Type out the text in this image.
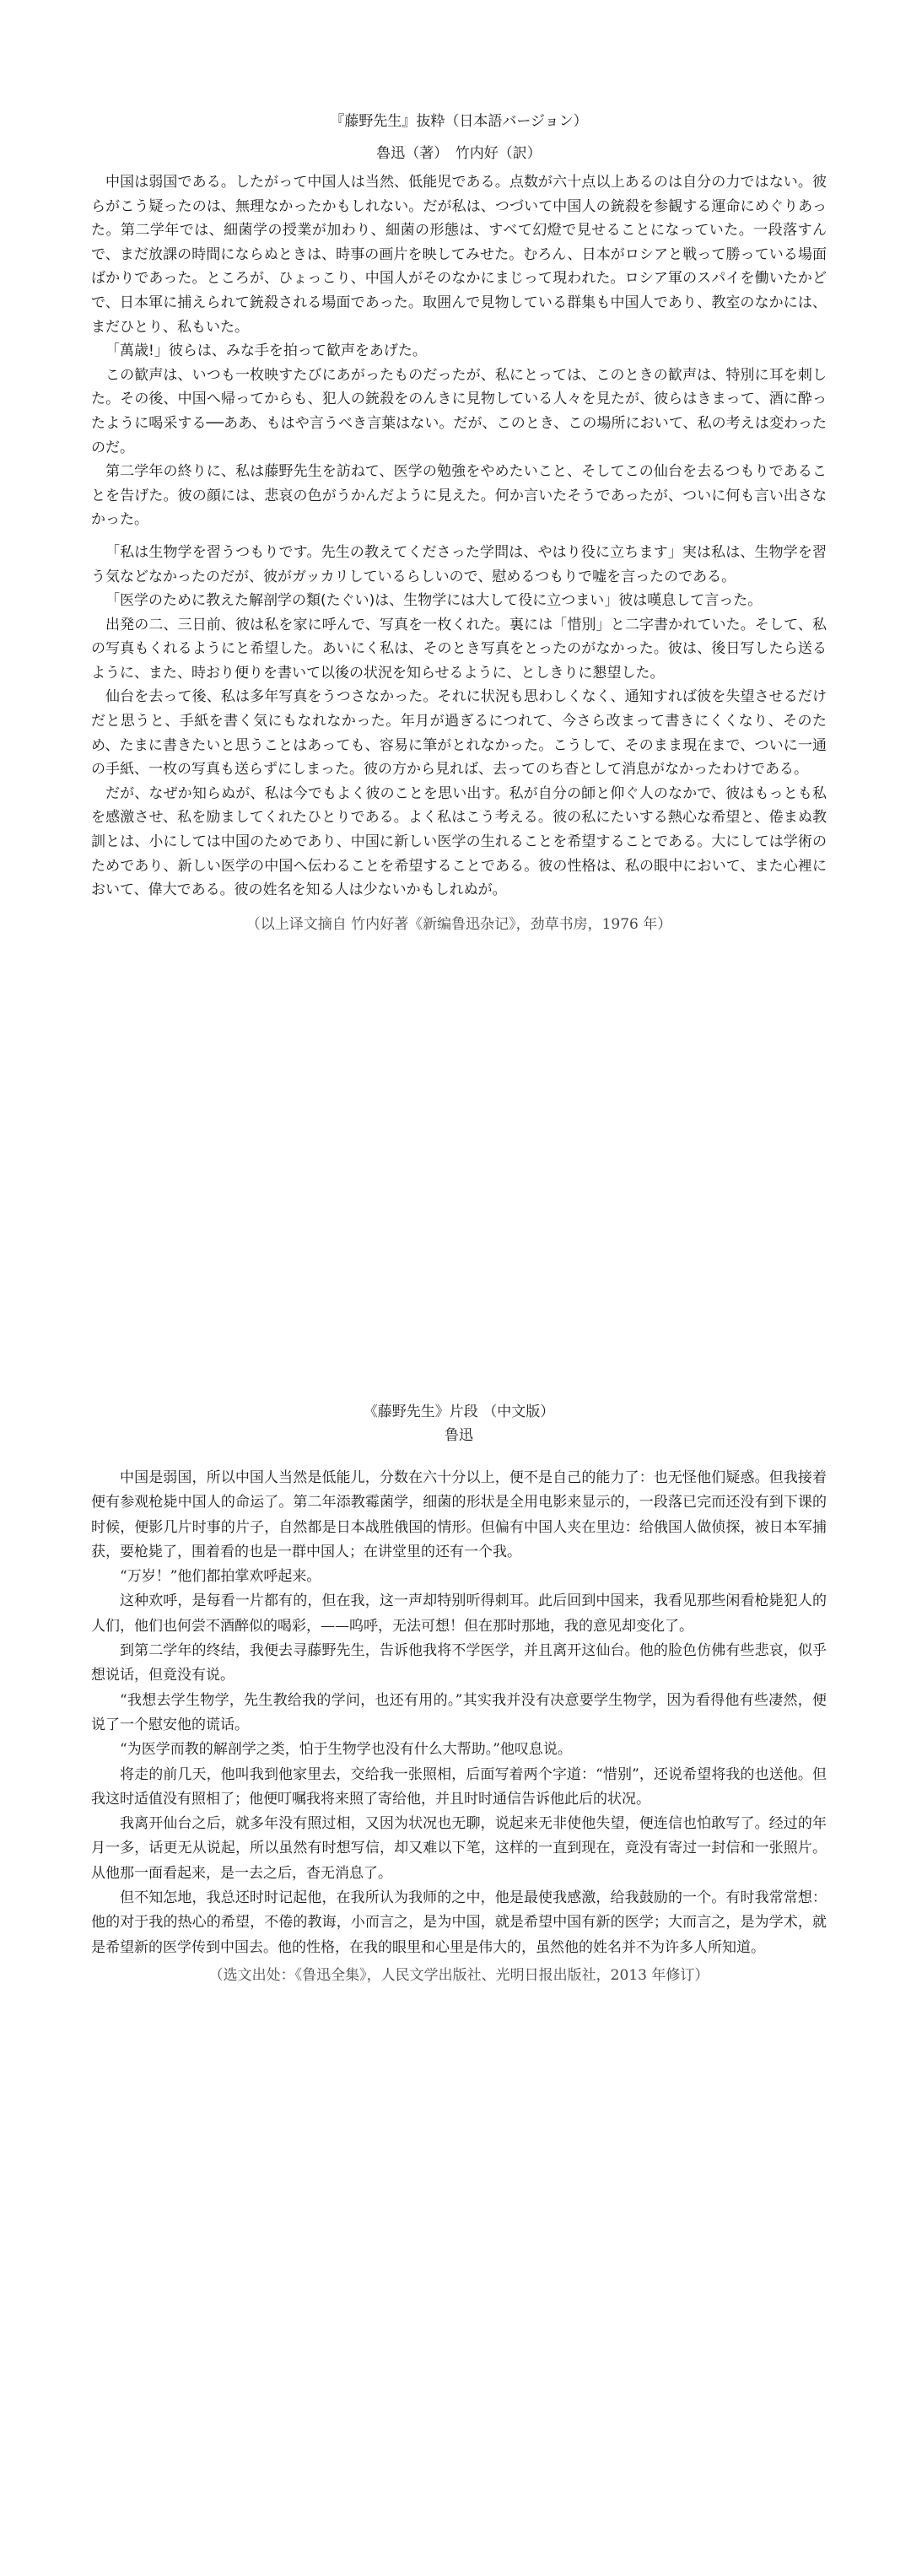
『藤野先生』抜粋（日本語バージョン）

魯迅（著）　竹内好（訳）

中国は弱国である。したがって中国人は当然、低能児である。点数が六十点以上あるのは自分の力ではない。彼らがこう疑ったのは、無理なかったかもしれない。だが私は、つづいて中国人の銃殺を参観する運命にめぐりあった。第二学年では、細菌学の授業が加わり、細菌の形態は、すべて幻燈で見せることになっていた。一段落すんで、まだ放課の時間にならぬときは、時事の画片を映してみせた。むろん、日本がロシアと戦って勝っている場面ばかりであった。ところが、ひょっこり、中国人がそのなかにまじって現われた。ロシア軍のスパイを働いたかどで、日本軍に捕えられて銃殺される場面であった。取囲んで見物している群集も中国人であり、教室のなかには、まだひとり、私もいた。

「萬歳!」彼らは、みな手を拍って歓声をあげた。

この歓声は、いつも一枚映すたびにあがったものだったが、私にとっては、このときの歓声は、特別に耳を刺した。その後、中国へ帰ってからも、犯人の銃殺をのんきに見物している人々を見たが、彼らはきまって、酒に酔ったように喝采する──ああ、もはや言うべき言葉はない。だが、このとき、この場所において、私の考えは変わったのだ。

第二学年の終りに、私は藤野先生を訪ねて、医学の勉強をやめたいこと、そしてこの仙台を去るつもりであることを告げた。彼の顔には、悲哀の色がうかんだように見えた。何か言いたそうであったが、ついに何も言い出さなかった。

「私は生物学を習うつもりです。先生の教えてくださった学問は、やはり役に立ちます」実は私は、生物学を習う気などなかったのだが、彼がガッカリしているらしいので、慰めるつもりで嘘を言ったのである。

「医学のために教えた解剖学の類(たぐい)は、生物学には大して役に立つまい」彼は嘆息して言った。

出発の二、三日前、彼は私を家に呼んで、写真を一枚くれた。裏には「惜別」と二字書かれていた。そして、私の写真もくれるようにと希望した。あいにく私は、そのとき写真をとったのがなかった。彼は、後日写したら送るように、また、時おり便りを書いて以後の状況を知らせるように、としきりに懇望した。

仙台を去って後、私は多年写真をうつさなかった。それに状況も思わしくなく、通知すれば彼を失望させるだけだと思うと、手紙を書く気にもなれなかった。年月が過ぎるにつれて、今さら改まって書きにくくなり、そのため、たまに書きたいと思うことはあっても、容易に筆がとれなかった。こうして、そのまま現在まで、ついに一通の手紙、一枚の写真も送らずにしまった。彼の方から見れば、去ってのち杳として消息がなかったわけである。

だが、なぜか知らぬが、私は今でもよく彼のことを思い出す。私が自分の師と仰ぐ人のなかで、彼はもっとも私を感激させ、私を励ましてくれたひとりである。よく私はこう考える。彼の私にたいする熱心な希望と、倦まぬ教訓とは、小にしては中国のためであり、中国に新しい医学の生れることを希望することである。大にしては学術のためであり、新しい医学の中国へ伝わることを希望することである。彼の性格は、私の眼中において、また心裡において、偉大である。彼の姓名を知る人は少ないかもしれぬが。

（以上译文摘自 竹内好著《新编鲁迅杂记》，劲草书房，1976 年）

《藤野先生》片段 （中文版）

鲁迅

中国是弱国，所以中国人当然是低能儿，分数在六十分以上，便不是自己的能力了：也无怪他们疑惑。但我接着便有参观枪毙中国人的命运了。第二年添教霉菌学，细菌的形状是全用电影来显示的，一段落已完而还没有到下课的时候，便影几片时事的片子，自然都是日本战胜俄国的情形。但偏有中国人夹在里边：给俄国人做侦探，被日本军捕获，要枪毙了，围着看的也是一群中国人；在讲堂里的还有一个我。

“万岁！”他们都拍掌欢呼起来。

这种欢呼，是每看一片都有的，但在我，这一声却特别听得刺耳。此后回到中国来，我看见那些闲看枪毙犯人的人们，他们也何尝不酒醉似的喝彩，——呜呼，无法可想！但在那时那地，我的意见却变化了。

到第二学年的终结，我便去寻藤野先生，告诉他我将不学医学，并且离开这仙台。他的脸色仿佛有些悲哀，似乎想说话，但竟没有说。

“我想去学生物学，先生教给我的学问，也还有用的。”其实我并没有决意要学生物学，因为看得他有些凄然，便说了一个慰安他的谎话。

“为医学而教的解剖学之类，怕于生物学也没有什么大帮助。”他叹息说。

将走的前几天，他叫我到他家里去，交给我一张照相，后面写着两个字道：“惜别”，还说希望将我的也送他。但我这时适值没有照相了；他便叮嘱我将来照了寄给他，并且时时通信告诉他此后的状况。

我离开仙台之后，就多年没有照过相，又因为状况也无聊，说起来无非使他失望，便连信也怕敢写了。经过的年月一多，话更无从说起，所以虽然有时想写信，却又难以下笔，这样的一直到现在，竟没有寄过一封信和一张照片。从他那一面看起来，是一去之后，杳无消息了。

但不知怎地，我总还时时记起他，在我所认为我师的之中，他是最使我感激，给我鼓励的一个。有时我常常想：他的对于我的热心的希望，不倦的教诲，小而言之，是为中国，就是希望中国有新的医学；大而言之，是为学术，就是希望新的医学传到中国去。他的性格，在我的眼里和心里是伟大的，虽然他的姓名并不为许多人所知道。

（选文出处：《鲁迅全集》，人民文学出版社、光明日报出版社，2013 年修订）
